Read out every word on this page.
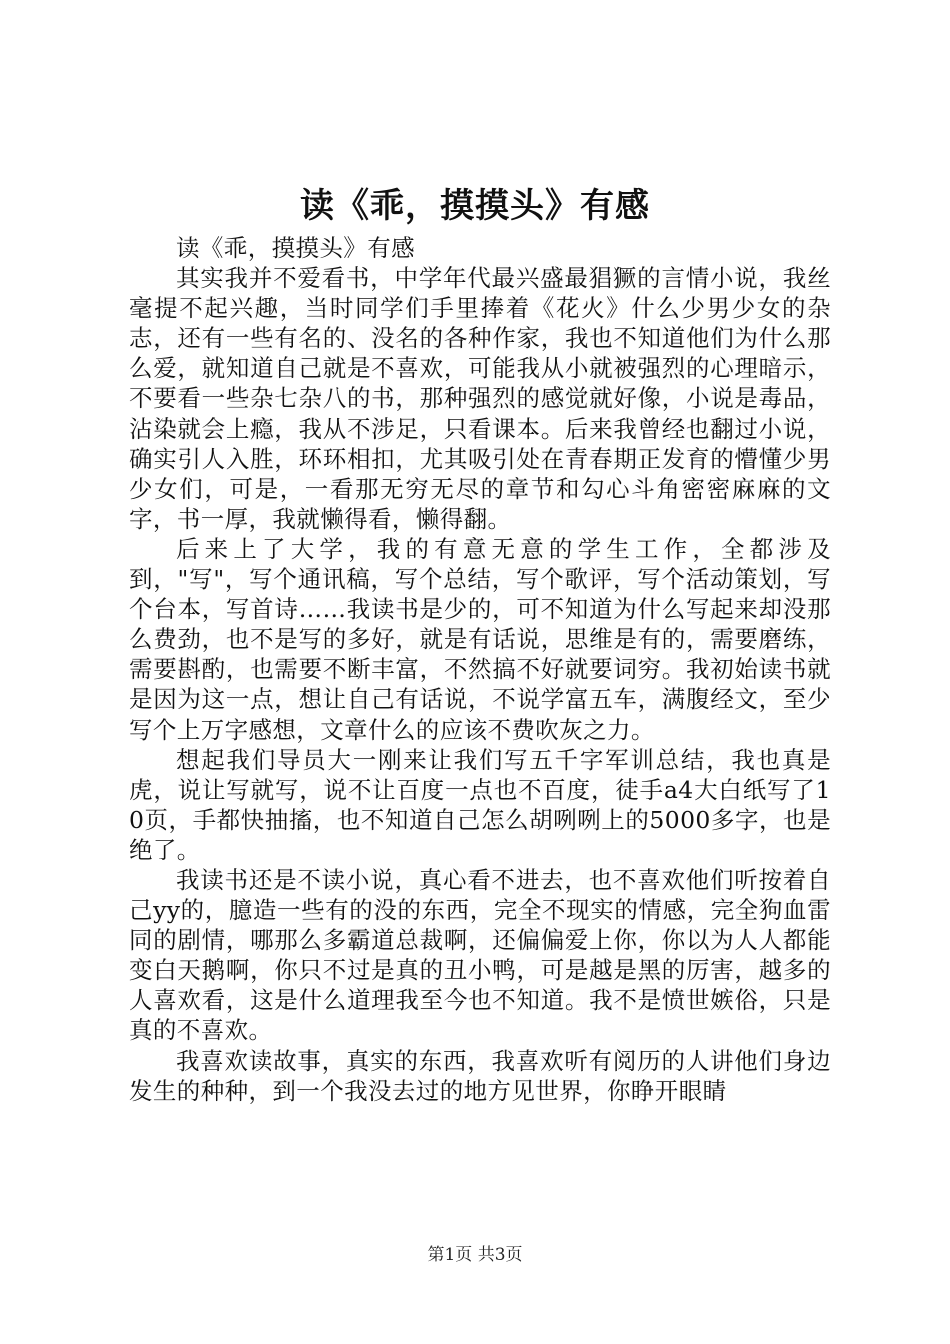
读《乖，摸摸头》有感

读《乖，摸摸头》有感

其实我并不爱看书，中学年代最兴盛最猖獗的言情小说，我丝毫提不起兴趣，当时同学们手里捧着《花火》什么少男少女的杂志，还有一些有名的、没名的各种作家，我也不知道他们为什么那么爱，就知道自己就是不喜欢，可能我从小就被强烈的心理暗示，不要看一些杂七杂八的书，那种强烈的感觉就好像，小说是毒品，沾染就会上瘾，我从不涉足，只看课本。后来我曾经也翻过小说，确实引人入胜，环环相扣，尤其吸引处在青春期正发育的懵懂少男少女们，可是，一看那无穷无尽的章节和勾心斗角密密麻麻的文字，书一厚，我就懒得看，懒得翻。

后来上了大学，我的有意无意的学生工作，全都涉及到，"写"，写个通讯稿，写个总结，写个歌评，写个活动策划，写个台本，写首诗……我读书是少的，可不知道为什么写起来却没那么费劲，也不是写的多好，就是有话说，思维是有的，需要磨练，需要斟酌，也需要不断丰富，不然搞不好就要词穷。我初始读书就是因为这一点，想让自己有话说，不说学富五车，满腹经文，至少写个上万字感想，文章什么的应该不费吹灰之力。

想起我们导员大一刚来让我们写五千字军训总结，我也真是虎，说让写就写，说不让百度一点也不百度，徒手a4大白纸写了10页，手都快抽搐，也不知道自己怎么胡咧咧上的5000多字，也是绝了。

我读书还是不读小说，真心看不进去，也不喜欢他们听按着自己yy的，臆造一些有的没的东西，完全不现实的情感，完全狗血雷同的剧情，哪那么多霸道总裁啊，还偏偏爱上你，你以为人人都能变白天鹅啊，你只不过是真的丑小鸭，可是越是黑的厉害，越多的人喜欢看，这是什么道理我至今也不知道。我不是愤世嫉俗，只是真的不喜欢。

我喜欢读故事，真实的东西，我喜欢听有阅历的人讲他们身边发生的种种，到一个我没去过的地方见世界，你睁开眼睛

第1页 共3页
